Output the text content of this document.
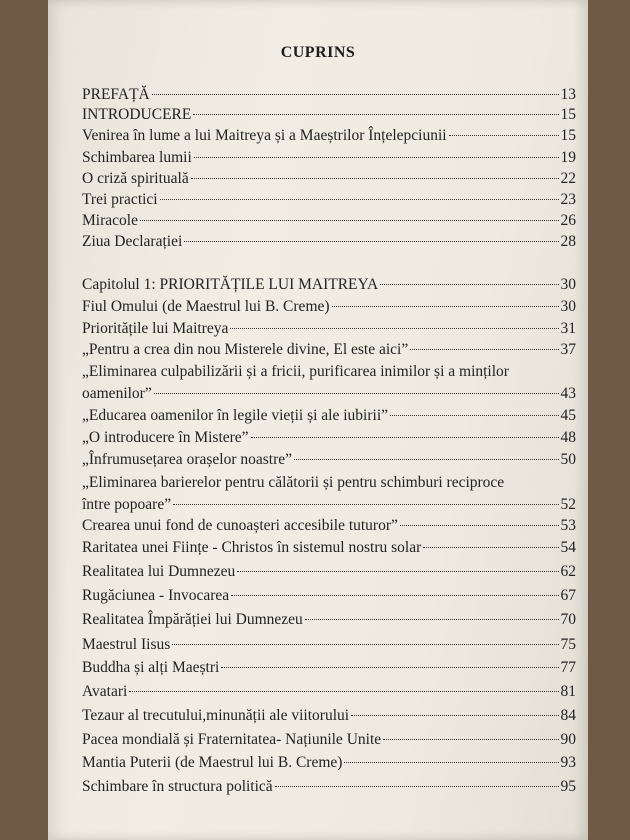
CUPRINS
PREFAȚĂ	13
INTRODUCERE	15
Venirea în lume a lui Maitreya și a Maeștrilor Înțelepciunii	15
Schimbarea lumii	19
O criză spirituală	22
Trei practici	23
Miracole	26
Ziua Declarației	28
Capitolul 1: PRIORITĂȚILE LUI MAITREYA	30
Fiul Omului (de Maestrul lui B. Creme)	30
Prioritățile lui Maitreya	31
„Pentru a crea din nou Misterele divine, El este aici”	37
„Eliminarea culpabilizării și a fricii, purificarea inimilor și a minților
oamenilor”	43
„Educarea oamenilor în legile vieții și ale iubirii”	45
„O introducere în Mistere”	48
„Înfrumusețarea orașelor noastre”	50
„Eliminarea barierelor pentru călătorii și pentru schimburi reciproce
între popoare”	52
Crearea unui fond de cunoașteri accesibile tuturor”	53
Raritatea unei Ființe - Christos în sistemul nostru solar	54
Realitatea lui Dumnezeu	62
Rugăciunea - Invocarea	67
Realitatea Împărăției lui Dumnezeu	70
Maestrul Iisus	75
Buddha și alți Maeștri	77
Avatari	81
Tezaur al trecutului,minunății ale viitorului	84
Pacea mondială și Fraternitatea- Națiunile Unite	90
Mantia Puterii (de Maestrul lui B. Creme)	93
Schimbare în structura politică	95
